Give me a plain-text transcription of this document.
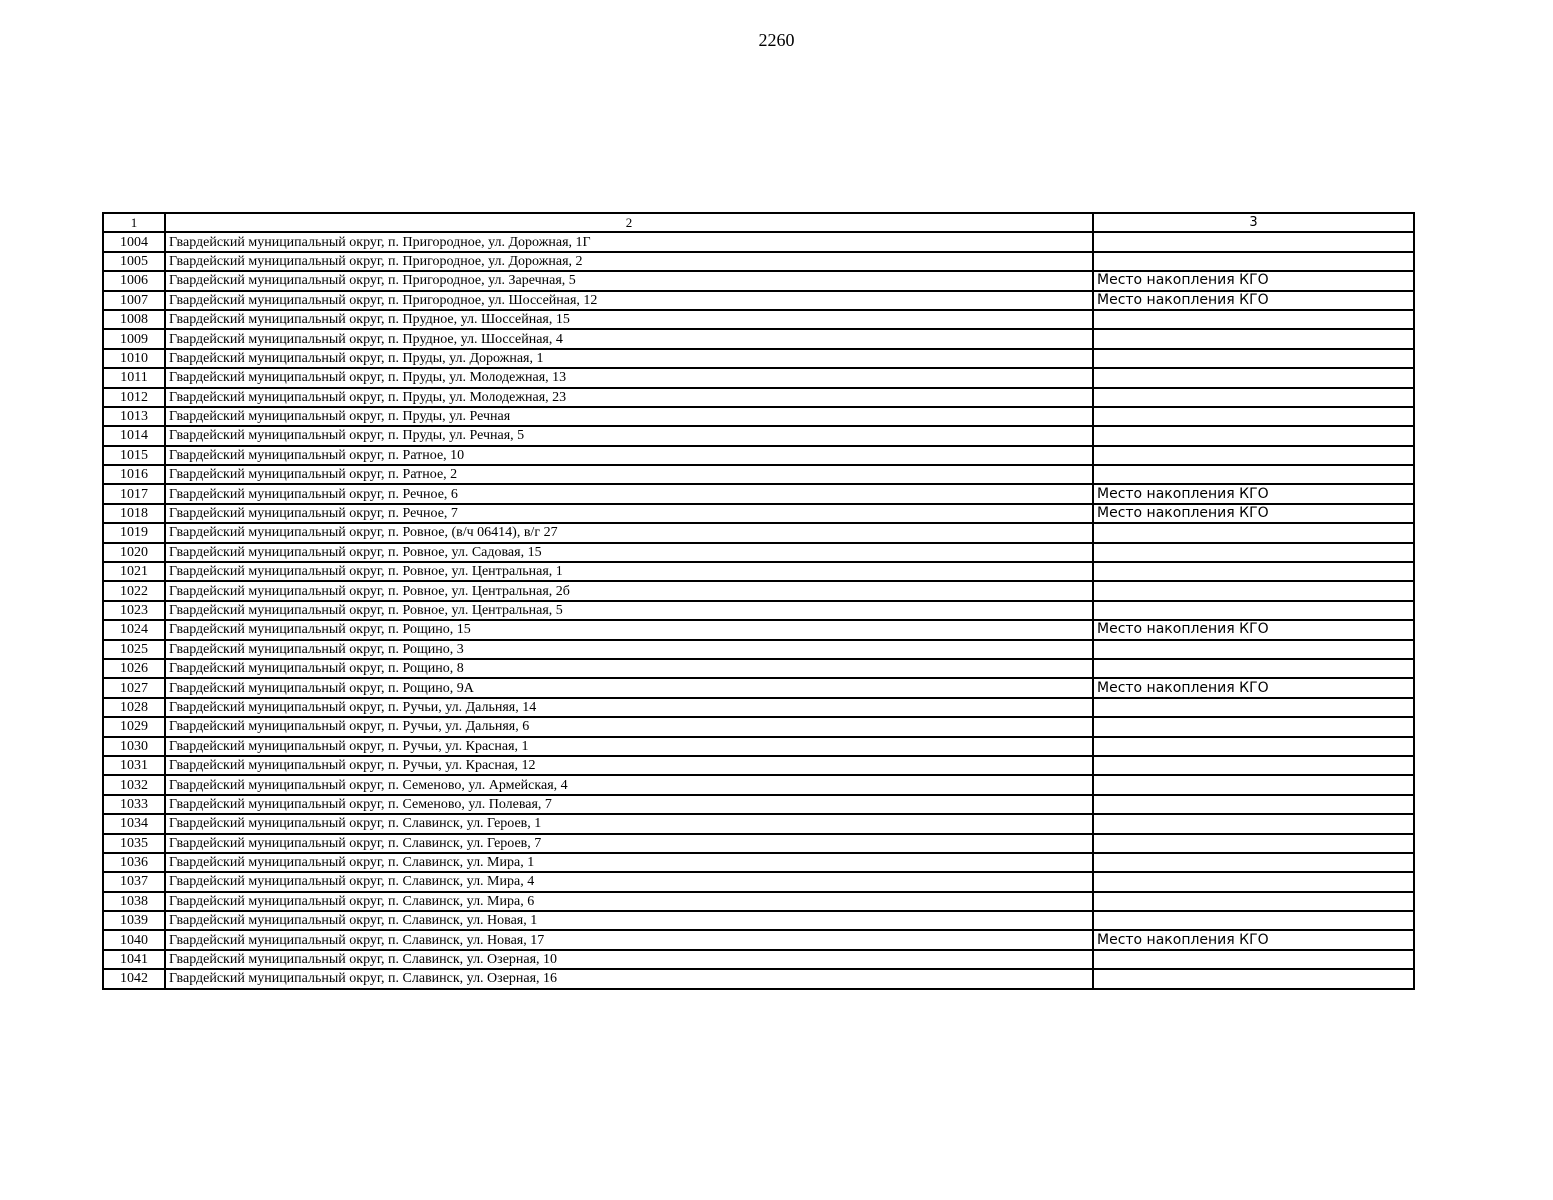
2260
1	2	3
1004	Гвардейский муниципальный округ, п. Пригородное, ул. Дорожная, 1Г	
1005	Гвардейский муниципальный округ, п. Пригородное, ул. Дорожная, 2	
1006	Гвардейский муниципальный округ, п. Пригородное, ул. Заречная, 5	Место накопления КГО
1007	Гвардейский муниципальный округ, п. Пригородное, ул. Шоссейная, 12	Место накопления КГО
1008	Гвардейский муниципальный округ, п. Прудное, ул. Шоссейная, 15	
1009	Гвардейский муниципальный округ, п. Прудное, ул. Шоссейная, 4	
1010	Гвардейский муниципальный округ, п. Пруды, ул. Дорожная, 1	
1011	Гвардейский муниципальный округ, п. Пруды, ул. Молодежная, 13	
1012	Гвардейский муниципальный округ, п. Пруды, ул. Молодежная, 23	
1013	Гвардейский муниципальный округ, п. Пруды, ул. Речная	
1014	Гвардейский муниципальный округ, п. Пруды, ул. Речная, 5	
1015	Гвардейский муниципальный округ, п. Ратное, 10	
1016	Гвардейский муниципальный округ, п. Ратное, 2	
1017	Гвардейский муниципальный округ, п. Речное, 6	Место накопления КГО
1018	Гвардейский муниципальный округ, п. Речное, 7	Место накопления КГО
1019	Гвардейский муниципальный округ, п. Ровное, (в/ч 06414), в/г 27	
1020	Гвардейский муниципальный округ, п. Ровное, ул. Садовая, 15	
1021	Гвардейский муниципальный округ, п. Ровное, ул. Центральная, 1	
1022	Гвардейский муниципальный округ, п. Ровное, ул. Центральная, 2б	
1023	Гвардейский муниципальный округ, п. Ровное, ул. Центральная, 5	
1024	Гвардейский муниципальный округ, п. Рощино, 15	Место накопления КГО
1025	Гвардейский муниципальный округ, п. Рощино, 3	
1026	Гвардейский муниципальный округ, п. Рощино, 8	
1027	Гвардейский муниципальный округ, п. Рощино, 9А	Место накопления КГО
1028	Гвардейский муниципальный округ, п. Ручьи, ул. Дальняя, 14	
1029	Гвардейский муниципальный округ, п. Ручьи, ул. Дальняя, 6	
1030	Гвардейский муниципальный округ, п. Ручьи, ул. Красная, 1	
1031	Гвардейский муниципальный округ, п. Ручьи, ул. Красная, 12	
1032	Гвардейский муниципальный округ, п. Семеново, ул. Армейская, 4	
1033	Гвардейский муниципальный округ, п. Семеново, ул. Полевая, 7	
1034	Гвардейский муниципальный округ, п. Славинск, ул. Героев, 1	
1035	Гвардейский муниципальный округ, п. Славинск, ул. Героев, 7	
1036	Гвардейский муниципальный округ, п. Славинск, ул. Мира, 1	
1037	Гвардейский муниципальный округ, п. Славинск, ул. Мира, 4	
1038	Гвардейский муниципальный округ, п. Славинск, ул. Мира, 6	
1039	Гвардейский муниципальный округ, п. Славинск, ул. Новая, 1	
1040	Гвардейский муниципальный округ, п. Славинск, ул. Новая, 17	Место накопления КГО
1041	Гвардейский муниципальный округ, п. Славинск, ул. Озерная, 10	
1042	Гвардейский муниципальный округ, п. Славинск, ул. Озерная, 16	
